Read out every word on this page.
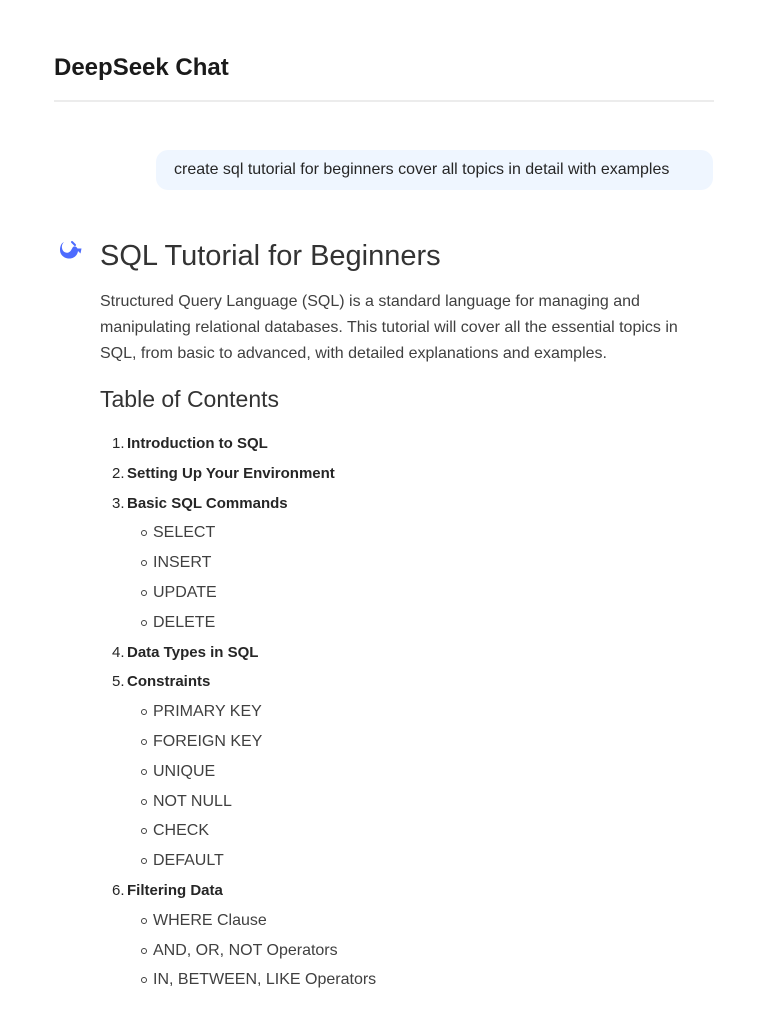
DeepSeek Chat
create sql tutorial for beginners cover all topics in detail with examples
SQL Tutorial for Beginners

Structured Query Language (SQL) is a standard language for managing and manipulating relational databases. This tutorial will cover all the essential topics in SQL, from basic to advanced, with detailed explanations and examples.

Table of Contents
1. Introduction to SQL
2. Setting Up Your Environment
3. Basic SQL Commands
SELECT
INSERT
UPDATE
DELETE
4. Data Types in SQL
5. Constraints
PRIMARY KEY
FOREIGN KEY
UNIQUE
NOT NULL
CHECK
DEFAULT
6. Filtering Data
WHERE Clause
AND, OR, NOT Operators
IN, BETWEEN, LIKE Operators
